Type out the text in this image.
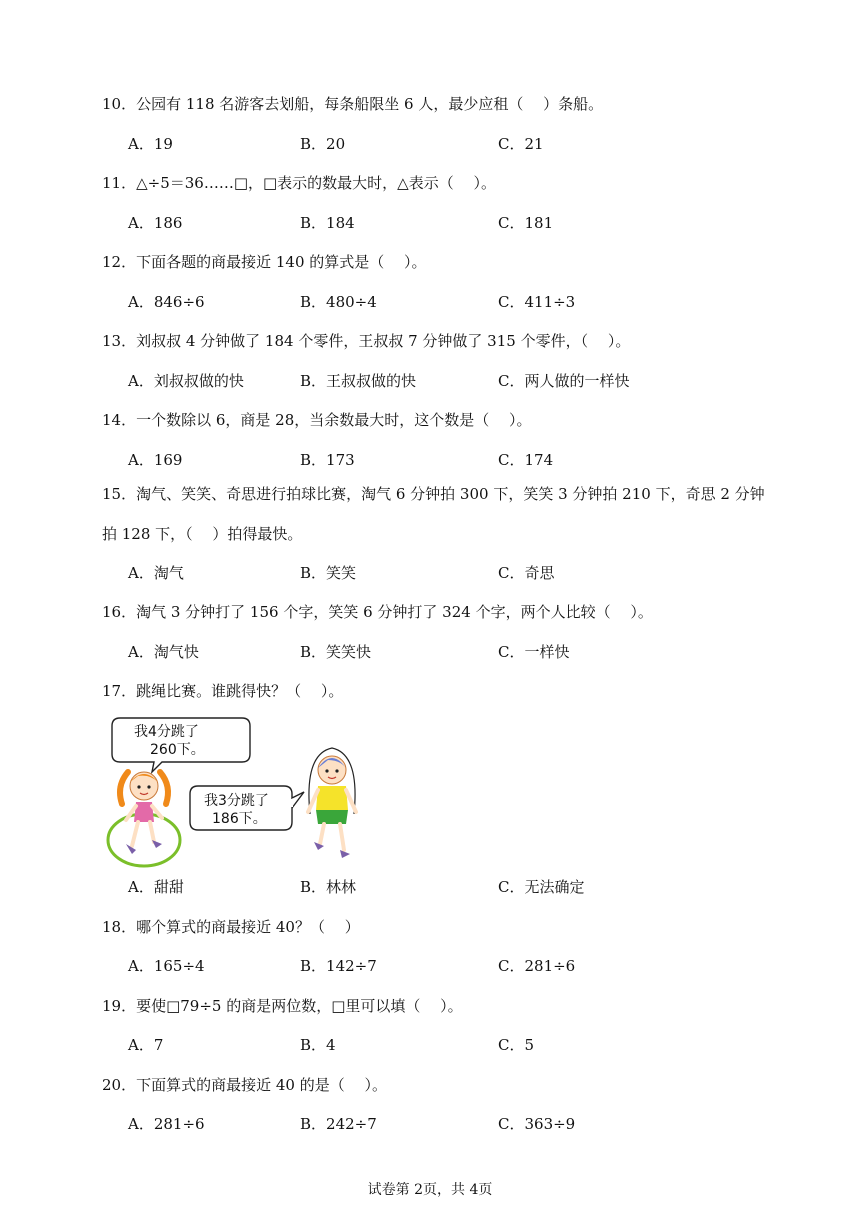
10．公园有 118 名游客去划船，每条船限坐 6 人，最少应租（　 ）条船。
A．19	B．20	C．21
11．△÷5＝36……□，□表示的数最大时，△表示（　 ）。
A．186	B．184	C．181
12．下面各题的商最接近 140 的算式是（　 ）。
A．846÷6	B．480÷4	C．411÷3
13．刘叔叔 4 分钟做了 184 个零件，王叔叔 7 分钟做了 315 个零件，（　 ）。
A．刘叔叔做的快	B．王叔叔做的快	C．两人做的一样快
14．一个数除以 6，商是 28，当余数最大时，这个数是（　 ）。
A．169	B．173	C．174
15．淘气、笑笑、奇思进行拍球比赛，淘气 6 分钟拍 300 下，笑笑 3 分钟拍 210 下，奇思 2 分钟
拍 128 下，（　 ）拍得最快。
A．淘气	B．笑笑	C．奇思
16．淘气 3 分钟打了 156 个字，笑笑 6 分钟打了 324 个字，两个人比较（　 ）。
A．淘气快	B．笑笑快	C．一样快
17．跳绳比赛。谁跳得快？（　 ）。
我4分跳了
260下。
我3分跳了
186下。
A．甜甜	B．林林	C．无法确定
18．哪个算式的商最接近 40？（　 ）
A．165÷4	B．142÷7	C．281÷6
19．要使□79÷5 的商是两位数，□里可以填（　 ）。
A．7	B．4	C．5
20．下面算式的商最接近 40 的是（　 ）。
A．281÷6	B．242÷7	C．363÷9
试卷第 2页，共 4页
